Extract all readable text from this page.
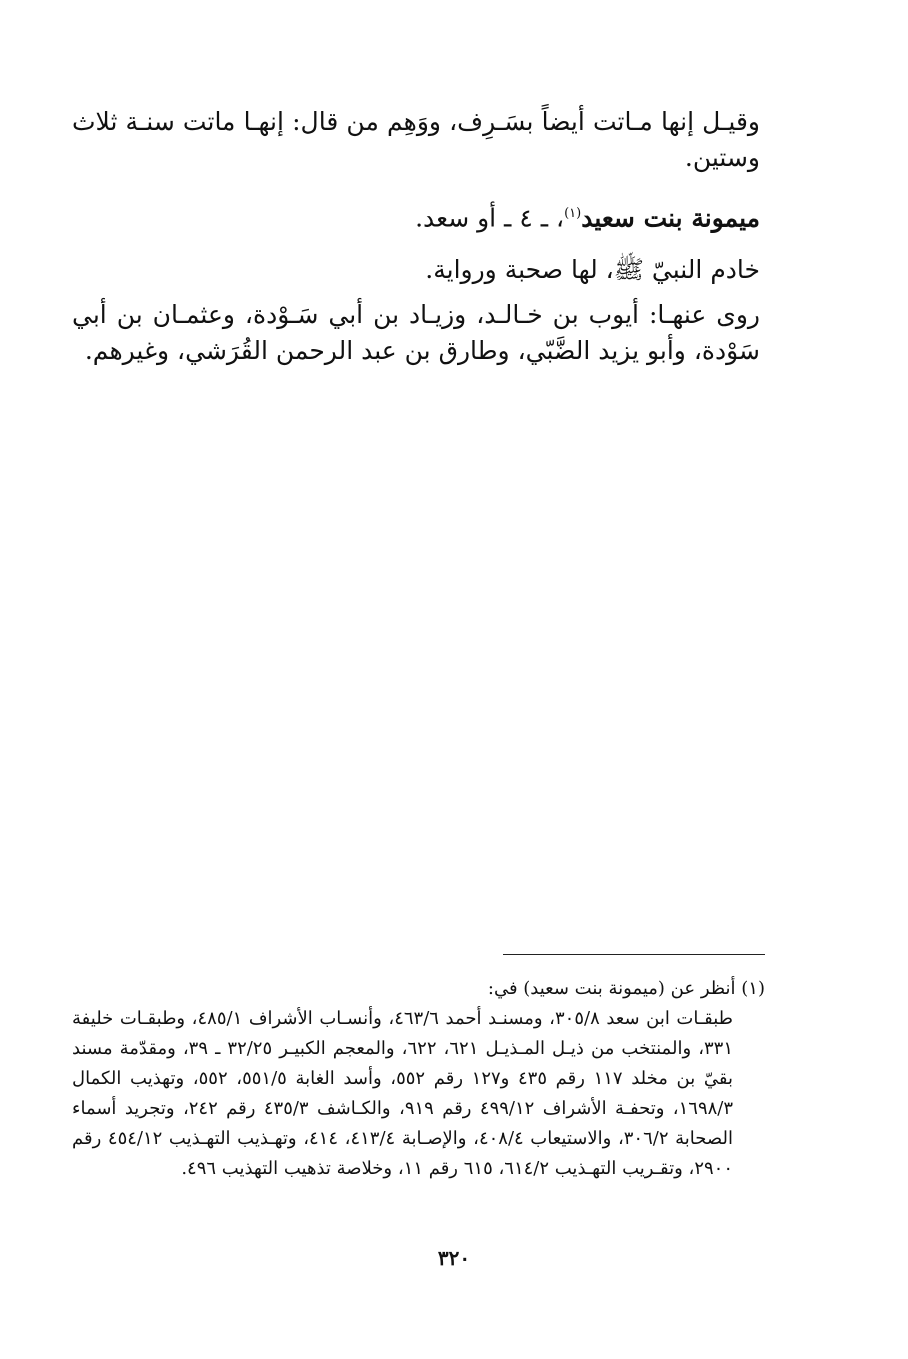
وقيـل إنها مـاتت أيضاً بسَـرِف، ووَهِم من قال: إنهـا ماتت سنـة ثلاث وستين.
ميمونة بنت سعيد$^{(١)}$، ـ ٤ ـ أو سعد.
خادم النبيّ ﷺ، لها صحبة ورواية.
روى عنهـا: أيوب بن خـالـد، وزيـاد بن أبي سَـوْدة، وعثمـان بن أبي سَوْدة، وأبو يزيد الضَّبّي، وطارق بن عبد الرحمن القُرَشي، وغيرهم.
(١) أنظر عن (ميمونة بنت سعيد) في:
طبقـات ابن سعد ٣٠٥/٨، ومسنـد أحمد ٤٦٣/٦، وأنسـاب الأشراف ٤٨٥/١، وطبقـات خليفة ٣٣١، والمنتخب من ذيـل المـذيـل ٦٢١، ٦٢٢، والمعجم الكبيـر ٣٢/٢٥ ـ ٣٩، ومقدّمة مسند بقيّ بن مخلد ١١٧ رقم ٤٣٥ و١٢٧ رقم ٥٥٢، وأسد الغابة ٥٥١/٥، ٥٥٢، وتهذيب الكمال ١٦٩٨/٣، وتحفـة الأشراف ٤٩٩/١٢ رقم ٩١٩، والكـاشف ٤٣٥/٣ رقم ٢٤٢، وتجريد أسماء الصحابة ٣٠٦/٢، والاستيعاب ٤٠٨/٤، والإصـابة ٤١٣/٤، ٤١٤، وتهـذيب التهـذيب ٤٥٤/١٢ رقم ٢٩٠٠، وتقـريب التهـذيب ٦١٤/٢، ٦١٥ رقم ١١، وخلاصة تذهيب التهذيب ٤٩٦.
٣٢٠
